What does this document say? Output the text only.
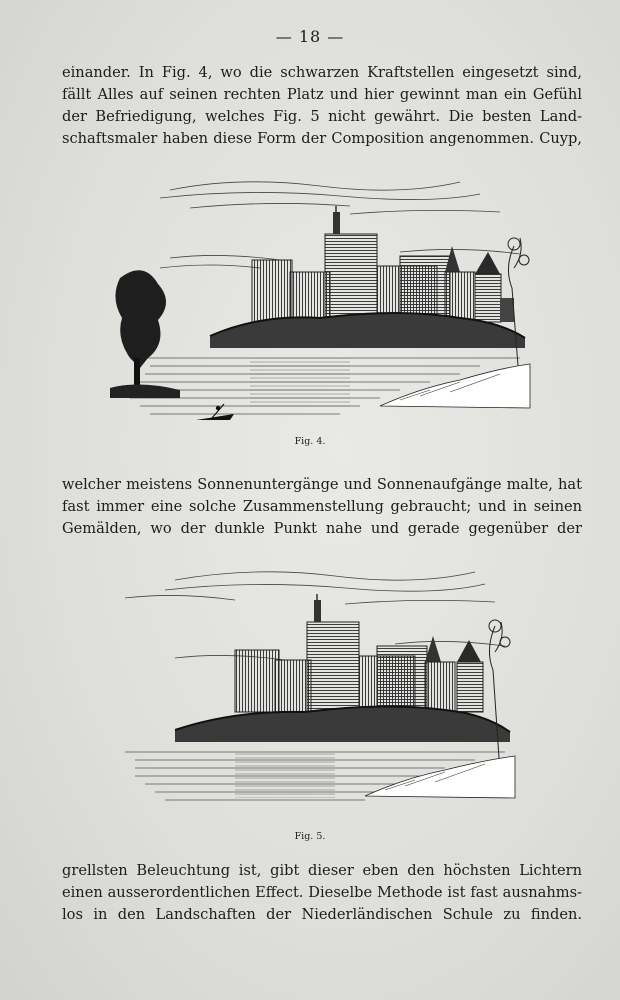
— 18 —
einander. In Fig. 4, wo die schwarzen Kraftstellen eingesetzt sind,
fällt Alles auf seinen rechten Platz und hier gewinnt man ein Gefühl
der Befriedigung, welches Fig. 5 nicht gewährt. Die besten Land-
schaftsmaler haben diese Form der Composition angenommen. Cuyp,
Fig. 4.
welcher meistens Sonnenuntergänge und Sonnenaufgänge malte, hat
fast immer eine solche Zusammenstellung gebraucht; und in seinen
Gemälden, wo der dunkle Punkt nahe und gerade gegenüber der
Fig. 5.
grellsten Beleuchtung ist, gibt dieser eben den höchsten Lichtern
einen ausserordentlichen Effect. Dieselbe Methode ist fast ausnahms-
los in den Landschaften der Niederländischen Schule zu finden.
